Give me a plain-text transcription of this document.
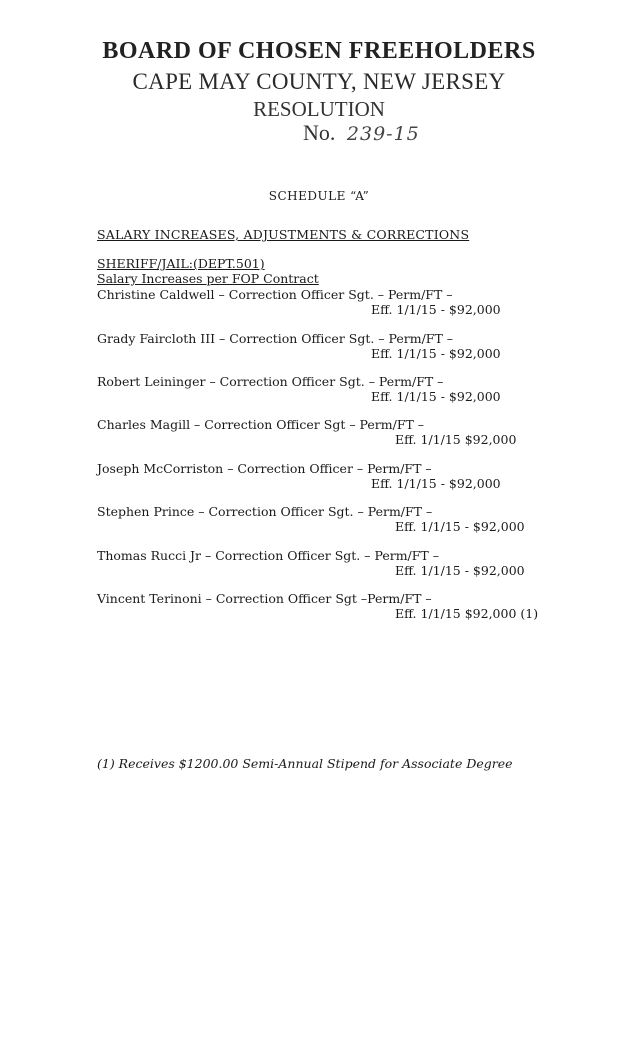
BOARD OF CHOSEN FREEHOLDERS
CAPE MAY COUNTY, NEW JERSEY
RESOLUTION
No. 239-15
SCHEDULE “A”
SALARY INCREASES, ADJUSTMENTS & CORRECTIONS
SHERIFF/JAIL:(DEPT.501)
Salary Increases per FOP Contract
Christine Caldwell – Correction Officer Sgt. – Perm/FT –
Eff. 1/1/15 - $92,000
Grady Faircloth III – Correction Officer Sgt. – Perm/FT –
Eff. 1/1/15 - $92,000
Robert Leininger – Correction Officer Sgt. – Perm/FT –
Eff. 1/1/15 - $92,000
Charles Magill – Correction Officer Sgt – Perm/FT –
Eff. 1/1/15 $92,000
Joseph McCorriston – Correction Officer – Perm/FT –
Eff. 1/1/15 - $92,000
Stephen Prince – Correction Officer Sgt. – Perm/FT –
Eff. 1/1/15 - $92,000
Thomas Rucci Jr – Correction Officer Sgt. – Perm/FT –
Eff. 1/1/15 - $92,000
Vincent Terinoni – Correction Officer Sgt –Perm/FT –
Eff. 1/1/15 $92,000 (1)
(1) Receives $1200.00 Semi-Annual Stipend for Associate Degree
